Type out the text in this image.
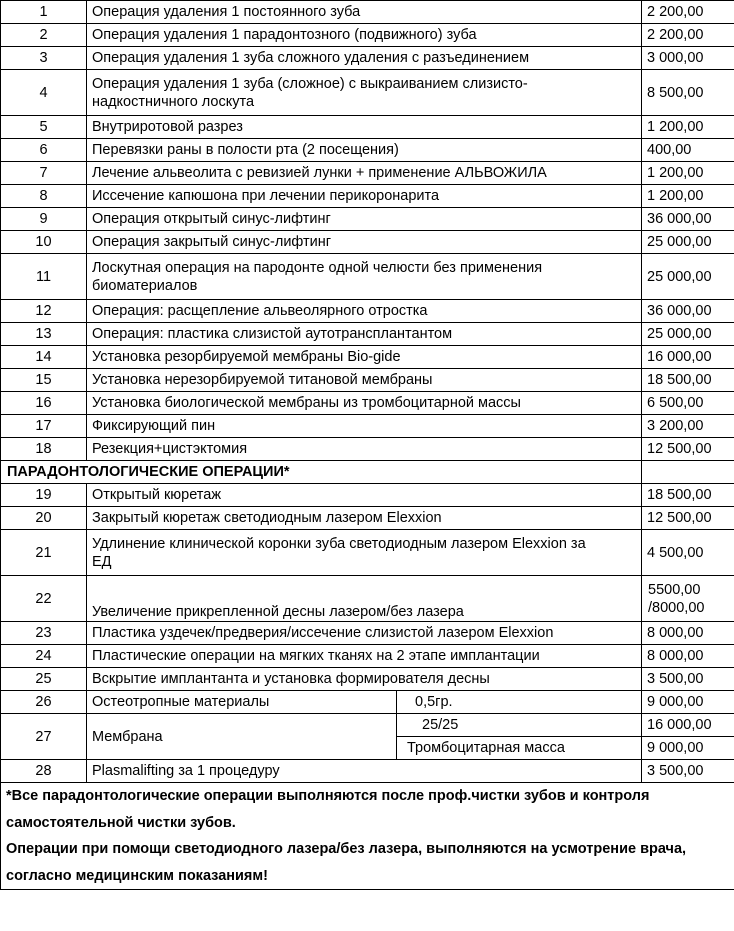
1	Операция удаления 1 постоянного зуба		2 200,00
2	Операция удаления 1 парадонтозного (подвижного) зуба		2 200,00
3	Операция удаления 1 зуба сложного удаления с разъединением		3 000,00
4	Операция удаления 1 зуба (сложное) с выкраиванием слизисто-надкостничного лоскута		8 500,00
5	Внутриротовой разрез		1 200,00
6	Перевязки раны в полости рта (2 посещения)		400,00
7	Лечение альвеолита с ревизией лунки + применение АЛЬВОЖИЛА		1 200,00
8	Иссечение капюшона при лечении перикоронарита		1 200,00
9	Операция открытый синус-лифтинг		36 000,00
10	Операция закрытый синус-лифтинг		25 000,00
11	Лоскутная операция на пародонте одной челюсти без применения биоматериалов		25 000,00
12	Операция: расщепление альвеолярного отростка		36 000,00
13	Операция: пластика слизистой аутотрансплантантом		25 000,00
14	Установка резорбируемой мембраны Bio-gide		16 000,00
15	Установка нерезорбируемой титановой мембраны		18 500,00
16	Установка биологической мембраны из тромбоцитарной массы		6 500,00
17	Фиксирующий пин		3 200,00
18	Резекция+цистэктомия		12 500,00
ПАРАДОНТОЛОГИЧЕСКИЕ ОПЕРАЦИИ*			
19	Открытый кюретаж		18 500,00
20	Закрытый кюретаж светодиодным лазером Elexxion		12 500,00
21	Удлинение клинической коронки зуба светодиодным лазером Elexxion за ЕД		4 500,00
22	Увеличение прикрепленной десны лазером/без лазера		5500,00
/8000,00

23	Пластика уздечек/предверия/иссечение слизистой лазером Elexxion		8 000,00
24	Пластические операции на мягких тканях на 2 этапе имплантации		8 000,00
25	Вскрытие имплантанта и установка формирователя десны		3 500,00
26	Остеотропные материалы	0,5гр.	9 000,00
27	Мембрана	25/25	16 000,00
		Тромбоцитарная масса	9 000,00
28	Plasmalifting за 1 процедуру		3 500,00

*Все парадонтологические операции выполняются после проф.чистки зубов и контроля самостоятельной чистки зубов.
Операции при помощи светодиодного лазера/без лазера, выполняются на усмотрение врача, согласно медицинским показаниям!			
